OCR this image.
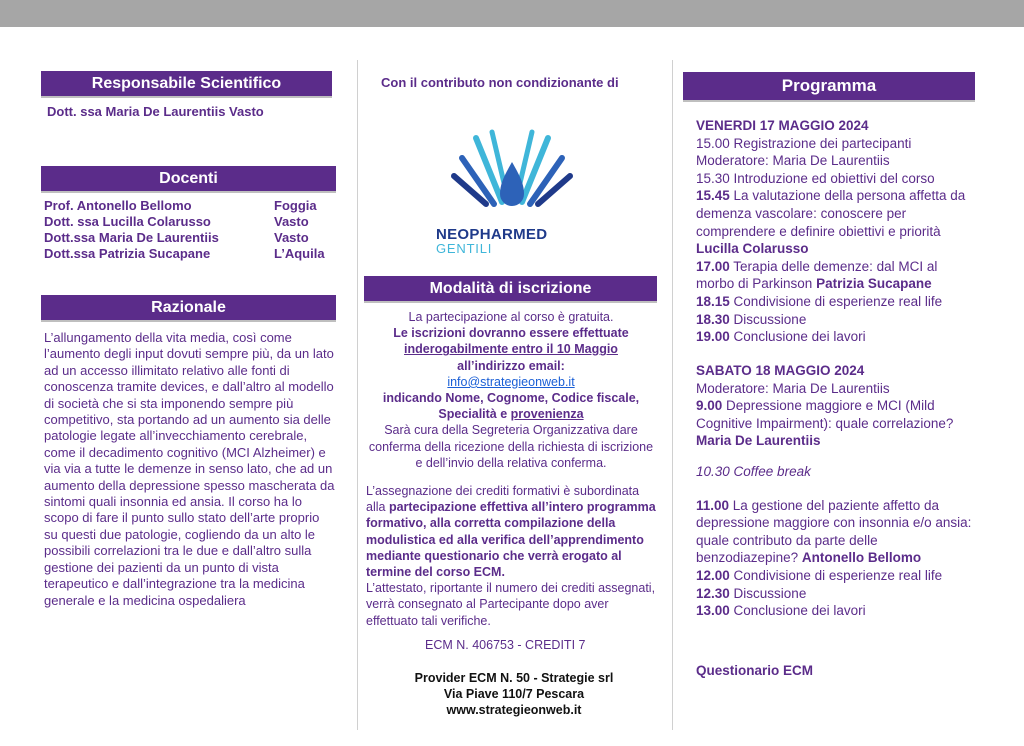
Responsabile Scientifico
Dott. ssa Maria De Laurentiis Vasto
Docenti
Prof. Antonello Bellomo	Foggia
Dott. ssa Lucilla Colarusso	Vasto
Dott.ssa Maria De Laurentiis	Vasto
Dott.ssa Patrizia Sucapane	L’Aquila
Razionale
L’allungamento della vita media, così come l’aumento degli input dovuti sempre più, da un lato ad un accesso illimitato relativo alle fonti di conoscenza tramite devices, e dall’altro al modello di società che si sta imponendo sempre più competitivo, sta portando ad un aumento sia delle patologie legate all’invecchiamento cerebrale, come il decadimento cognitivo (MCI Alzheimer) e via via a tutte le demenze in senso lato, che ad un aumento della depressione spesso mascherata da sintomi quali insonnia ed ansia. Il corso ha lo scopo di fare il punto sullo stato dell’arte proprio su questi due patologie, cogliendo da un alto le possibili correlazioni tra le due e dall’altro sulla gestione dei pazienti da un punto di vista terapeutico e dall’integrazione tra la medicina generale e la medicina ospedaliera
Con il contributo non condizionante di
NEOPHARMED
GENTILI
Modalità di iscrizione
La partecipazione al corso è gratuita.
Le iscrizioni dovranno essere effettuate
inderogabilmente entro il 10 Maggio
all’indirizzo email:
info@strategieonweb.it
indicando Nome, Cognome, Codice fiscale,
Specialità e provenienza
Sarà cura della Segreteria Organizzativa dare conferma della ricezione della richiesta di iscrizione e dell’invio della relativa conferma.
L’assegnazione dei crediti formativi è subordinata alla partecipazione effettiva all’intero programma formativo, alla corretta compilazione della modulistica ed alla verifica dell’apprendimento mediante questionario che verrà erogato al termine del corso ECM.
L’attestato, riportante il numero dei crediti assegnati, verrà consegnato al Partecipante dopo aver effettuato tali verifiche.
ECM N. 406753 - CREDITI 7
Provider ECM N. 50 - Strategie srl
Via Piave 110/7 Pescara
www.strategieonweb.it
Programma
VENERDI 17 MAGGIO 2024
15.00 Registrazione dei partecipanti
Moderatore: Maria De Laurentiis
15.30 Introduzione ed obiettivi del corso
15.45 La valutazione della persona affetta da demenza vascolare: conoscere per comprendere e definire obiettivi e priorità Lucilla Colarusso
17.00 Terapia delle demenze: dal MCI al morbo di Parkinson Patrizia Sucapane
18.15 Condivisione di esperienze real life
18.30 Discussione
19.00 Conclusione dei lavori
SABATO 18 MAGGIO 2024
Moderatore: Maria De Laurentiis
9.00 Depressione maggiore e MCI (Mild Cognitive Impairment): quale correlazione? Maria De Laurentiis
10.30 Coffee break
11.00 La gestione del paziente affetto da depressione maggiore con insonnia e/o ansia: quale contributo da parte delle benzodiazepine? Antonello Bellomo
12.00 Condivisione di esperienze real life
12.30 Discussione
13.00 Conclusione dei lavori
Questionario ECM
